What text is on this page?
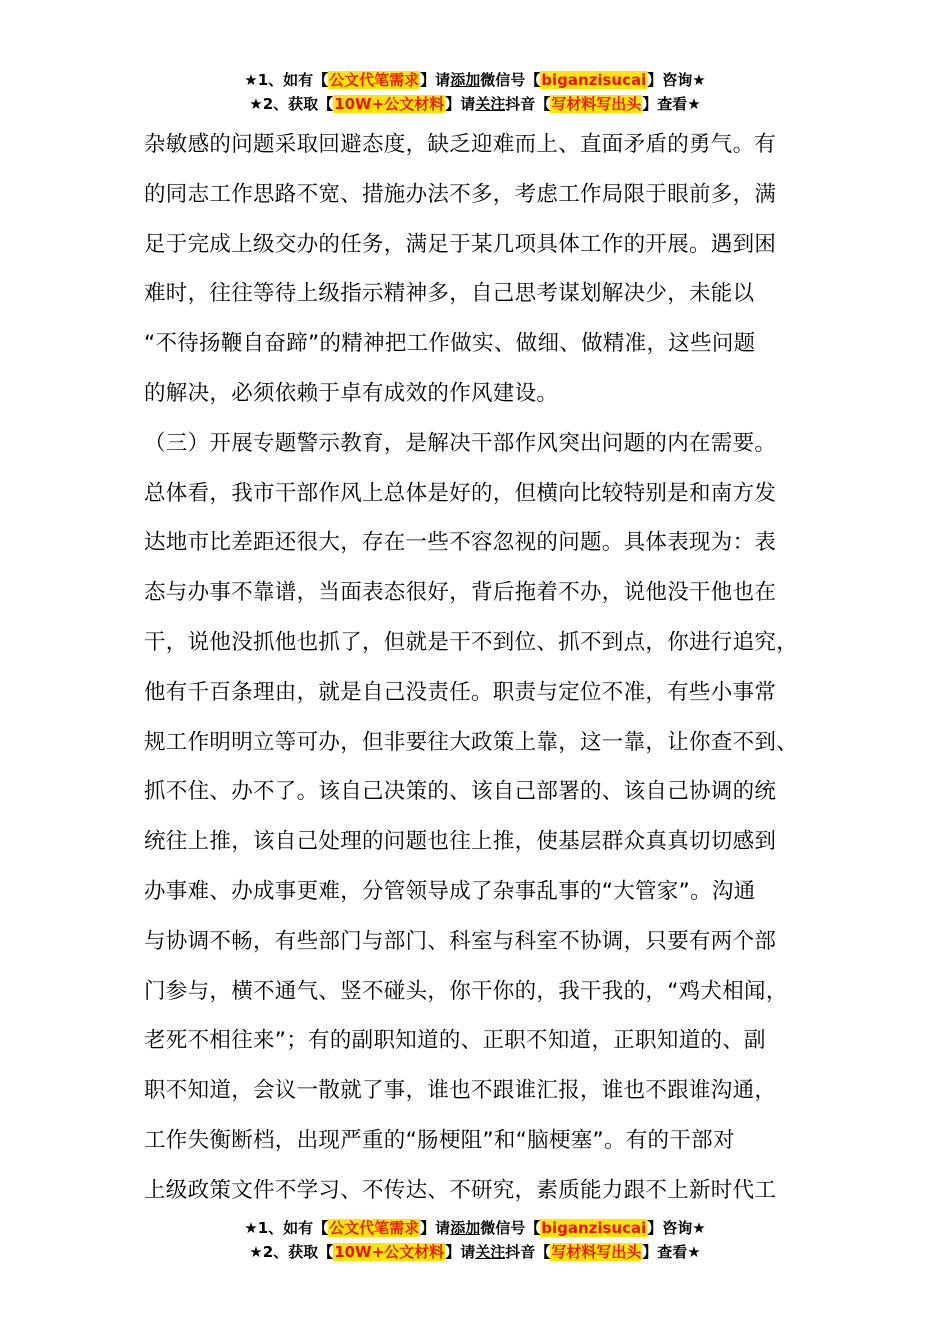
★1、如有【公文代笔需求】请添加微信号【biganzisucai】咨询★
★2、获取【10W+公文材料】请关注抖音【写材料写出头】查看★
杂敏感的问题采取回避态度，缺乏迎难而上、直面矛盾的勇气。有
的同志工作思路不宽、措施办法不多，考虑工作局限于眼前多，满
足于完成上级交办的任务，满足于某几项具体工作的开展。遇到困
难时，往往等待上级指示精神多，自己思考谋划解决少，未能以
“不待扬鞭自奋蹄”的精神把工作做实、做细、做精准，这些问题
的解决，必须依赖于卓有成效的作风建设。
（三）开展专题警示教育，是解决干部作风突出问题的内在需要。
总体看，我市干部作风上总体是好的，但横向比较特别是和南方发
达地市比差距还很大，存在一些不容忽视的问题。具体表现为：表
态与办事不靠谱，当面表态很好，背后拖着不办，说他没干他也在
干，说他没抓他也抓了，但就是干不到位、抓不到点，你进行追究，
他有千百条理由，就是自己没责任。职责与定位不准，有些小事常
规工作明明立等可办，但非要往大政策上靠，这一靠，让你查不到、
抓不住、办不了。该自己决策的、该自己部署的、该自己协调的统
统往上推，该自己处理的问题也往上推，使基层群众真真切切感到
办事难、办成事更难，分管领导成了杂事乱事的“大管家”。沟通
与协调不畅，有些部门与部门、科室与科室不协调，只要有两个部
门参与，横不通气、竖不碰头，你干你的，我干我的，“鸡犬相闻，
老死不相往来”；有的副职知道的、正职不知道，正职知道的、副
职不知道，会议一散就了事，谁也不跟谁汇报，谁也不跟谁沟通，
工作失衡断档，出现严重的“肠梗阻”和“脑梗塞”。有的干部对
上级政策文件不学习、不传达、不研究，素质能力跟不上新时代工
★1、如有【公文代笔需求】请添加微信号【biganzisucai】咨询★
★2、获取【10W+公文材料】请关注抖音【写材料写出头】查看★
